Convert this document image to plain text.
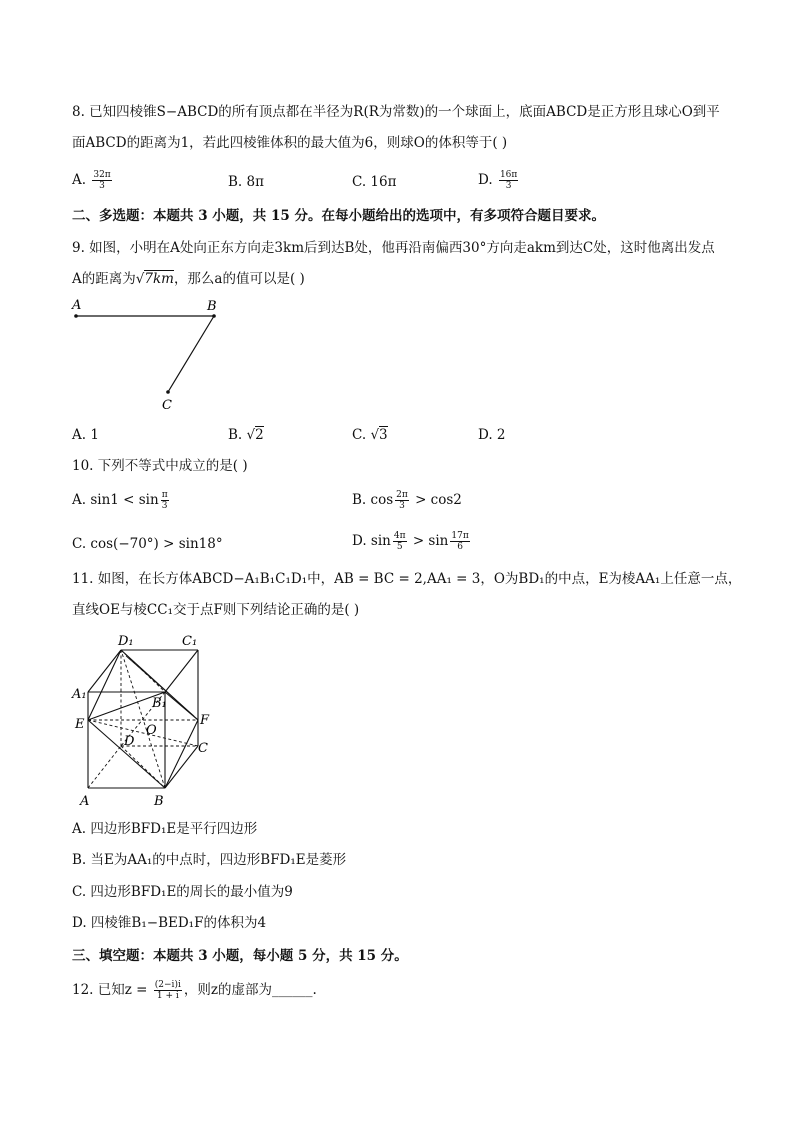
8. 已知四棱锥S−ABCD的所有顶点都在半径为R(R为常数)的一个球面上，底面ABCD是正方形且球心O到平
面ABCD的距离为1，若此四棱锥体积的最大值为6，则球O的体积等于( )
A. $\frac{32\pi}{3}$	B. 8π	C. 16π	D. $\frac{16\pi}{3}$
二、多选题：本题共 3 小题，共 15 分。在每小题给出的选项中，有多项符合题目要求。
9. 如图，小明在A处向正东方向走3km后到达B处，他再沿南偏西30°方向走akm到达C处，这时他离出发点
A的距离为√7km，那么a的值可以是( )
A	B
C
A. 1	B. √2	C. √3	D. 2
10. 下列不等式中成立的是( )
A. $\sin 1 < \sin \frac{\pi}{3}$	B. $\cos \frac{2\pi}{3} > \cos 2$
C. cos(−70°) > sin18°	D. $\sin \frac{4\pi}{5} > \sin \frac{17\pi}{6}$
11. 如图，在长方体ABCD−A₁B₁C₁D₁中，AB = BC = 2,AA₁ = 3，O为BD₁的中点，E为棱AA₁上任意一点，
直线OE与棱CC₁交于点F则下列结论正确的是( )
D₁	C₁
A₁
B₁
E	F
O
D	C
A	B
A. 四边形BFD₁E是平行四边形
B. 当E为AA₁的中点时，四边形BFD₁E是菱形
C. 四边形BFD₁E的周长的最小值为9
D. 四棱锥B₁−BED₁F的体积为4
三、填空题：本题共 3 小题，每小题 5 分，共 15 分。
12. 已知$z = \frac{(2-i)i}{1 + i}$ ，则z的虚部为______.
